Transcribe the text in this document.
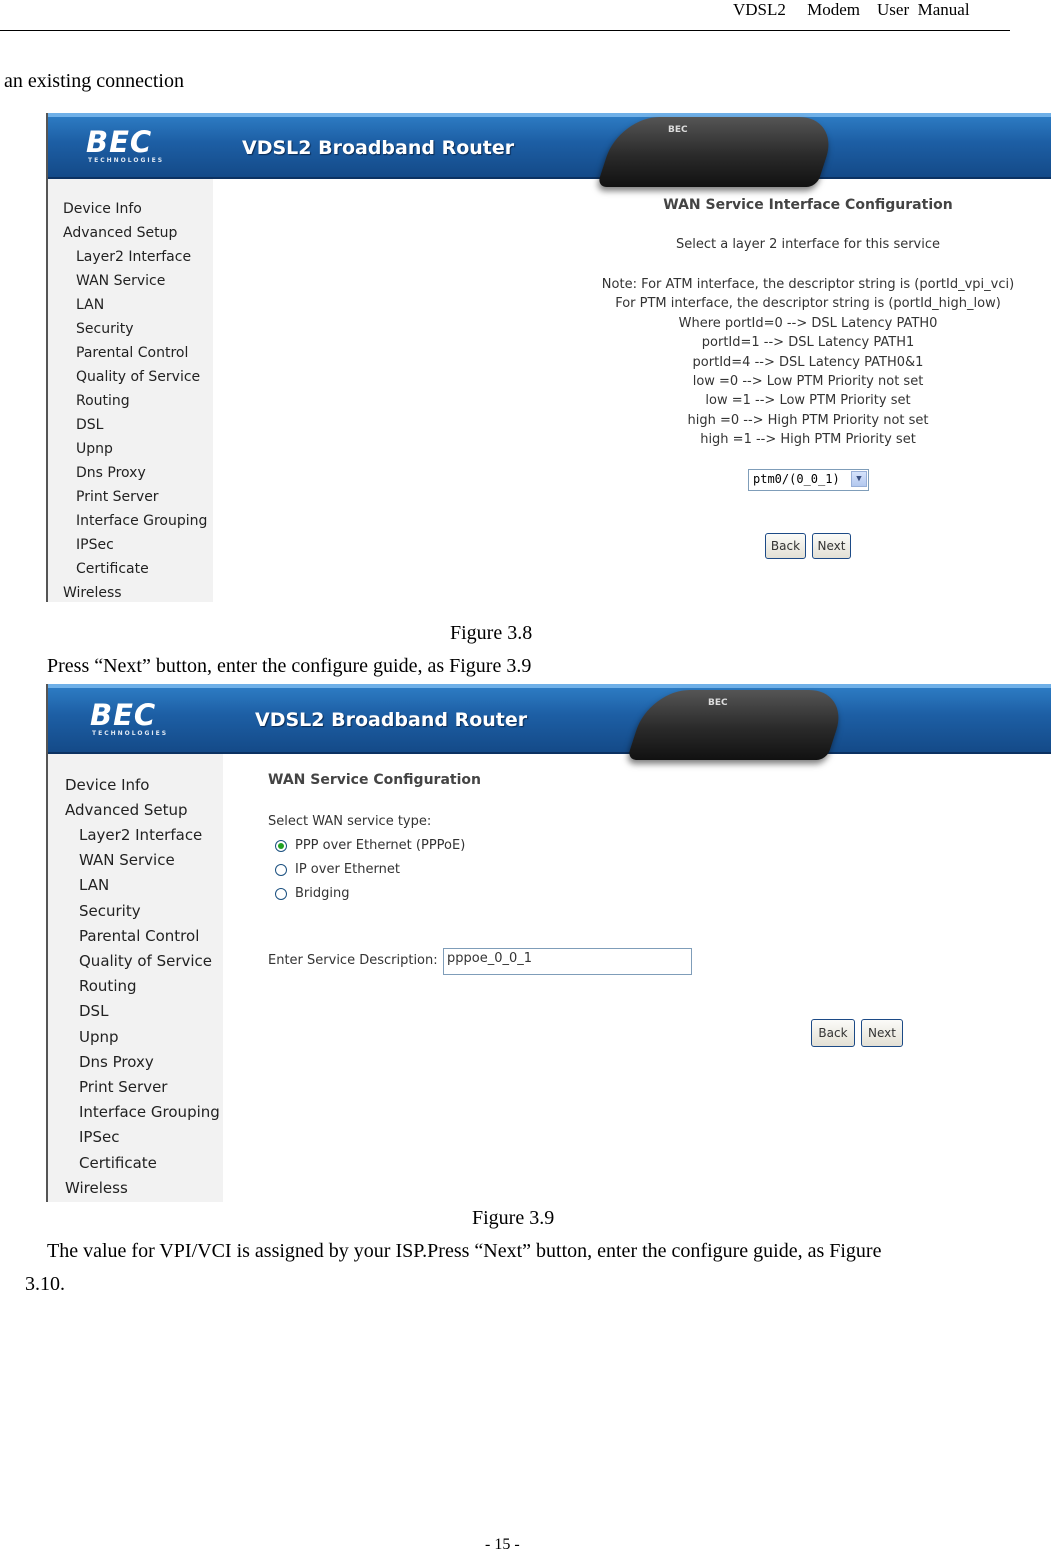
VDSL2     Modem    User  Manual
an existing connection
BEC
TECHNOLOGIES
VDSL2 Broadband Router
BEC
Device Info
Advanced Setup
Layer2 Interface
WAN Service
LAN
Security
Parental Control
Quality of Service
Routing
DSL
Upnp
Dns Proxy
Print Server
Interface Grouping
IPSec
Certificate
Wireless
WAN Service Interface Configuration
Select a layer 2 interface for this service
Note: For ATM interface, the descriptor string is (portId_vpi_vci)
For PTM interface, the descriptor string is (portId_high_low)
Where portId=0 --> DSL Latency PATH0
portId=1 --> DSL Latency PATH1
portId=4 --> DSL Latency PATH0&1
low =0 --> Low PTM Priority not set
low =1 --> Low PTM Priority set
high =0 --> High PTM Priority not set
high =1 --> High PTM Priority set
ptm0/(0_0_1)	▼
Back	Next
Figure 3.8
Press “Next” button, enter the configure guide, as Figure 3.9
BEC
TECHNOLOGIES
VDSL2 Broadband Router
BEC
Device Info
Advanced Setup
Layer2 Interface
WAN Service
LAN
Security
Parental Control
Quality of Service
Routing
DSL
Upnp
Dns Proxy
Print Server
Interface Grouping
IPSec
Certificate
Wireless
WAN Service Configuration
Select WAN service type:
PPP over Ethernet (PPPoE)
IP over Ethernet
Bridging
Enter Service Description: pppoe_0_0_1
Back	Next
Figure 3.9
The value for VPI/VCI is assigned by your ISP.Press “Next” button, enter the configure guide, as Figure
3.10.
- 15 -
